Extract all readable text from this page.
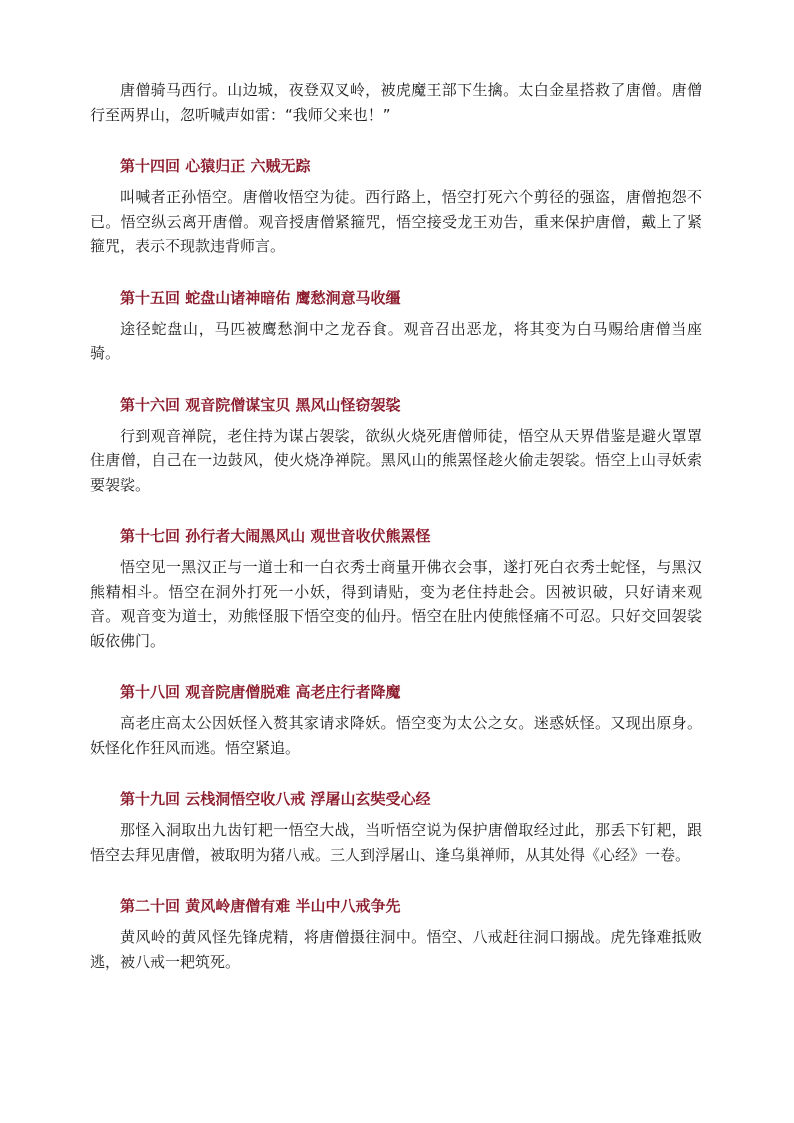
唐僧骑马西行。山边城，夜登双叉岭，被虎魔王部下生擒。太白金星搭救了唐僧。唐僧行至两界山，忽听喊声如雷：“我师父来也！”

第十四回 心猿归正 六贼无踪

叫喊者正孙悟空。唐僧收悟空为徒。西行路上，悟空打死六个剪径的强盗，唐僧抱怨不已。悟空纵云离开唐僧。观音授唐僧紧箍咒，悟空接受龙王劝告，重来保护唐僧，戴上了紧箍咒，表示不现款违背师言。

第十五回 蛇盘山诸神暗佑 鹰愁涧意马收缰

途径蛇盘山，马匹被鹰愁涧中之龙吞食。观音召出恶龙，将其变为白马赐给唐僧当座骑。

第十六回 观音院僧谋宝贝 黑风山怪窃袈裟

行到观音禅院，老住持为谋占袈裟，欲纵火烧死唐僧师徒，悟空从天界借鉴是避火罩罩住唐僧，自己在一边鼓风，使火烧净禅院。黑风山的熊罴怪趁火偷走袈裟。悟空上山寻妖索要袈裟。

第十七回 孙行者大闹黑风山 观世音收伏熊罴怪

悟空见一黑汉正与一道士和一白衣秀士商量开佛衣会事，遂打死白衣秀士蛇怪，与黑汉熊精相斗。悟空在洞外打死一小妖，得到请贴，变为老住持赴会。因被识破，只好请来观音。观音变为道士，劝熊怪服下悟空变的仙丹。悟空在肚内使熊怪痛不可忍。只好交回袈裟皈依佛门。

第十八回 观音院唐僧脱难 高老庄行者降魔

高老庄高太公因妖怪入赘其家请求降妖。悟空变为太公之女。迷惑妖怪。又现出原身。妖怪化作狂风而逃。悟空紧追。

第十九回 云栈洞悟空收八戒 浮屠山玄奘受心经

那怪入洞取出九齿钉耙一悟空大战，当听悟空说为保护唐僧取经过此，那丢下钉耙，跟悟空去拜见唐僧，被取明为猪八戒。三人到浮屠山、逢乌巢禅师，从其处得《心经》一卷。

第二十回 黄风岭唐僧有难 半山中八戒争先

黄风岭的黄风怪先锋虎精，将唐僧摄往洞中。悟空、八戒赶往洞口搦战。虎先锋难抵败逃，被八戒一耙筑死。
